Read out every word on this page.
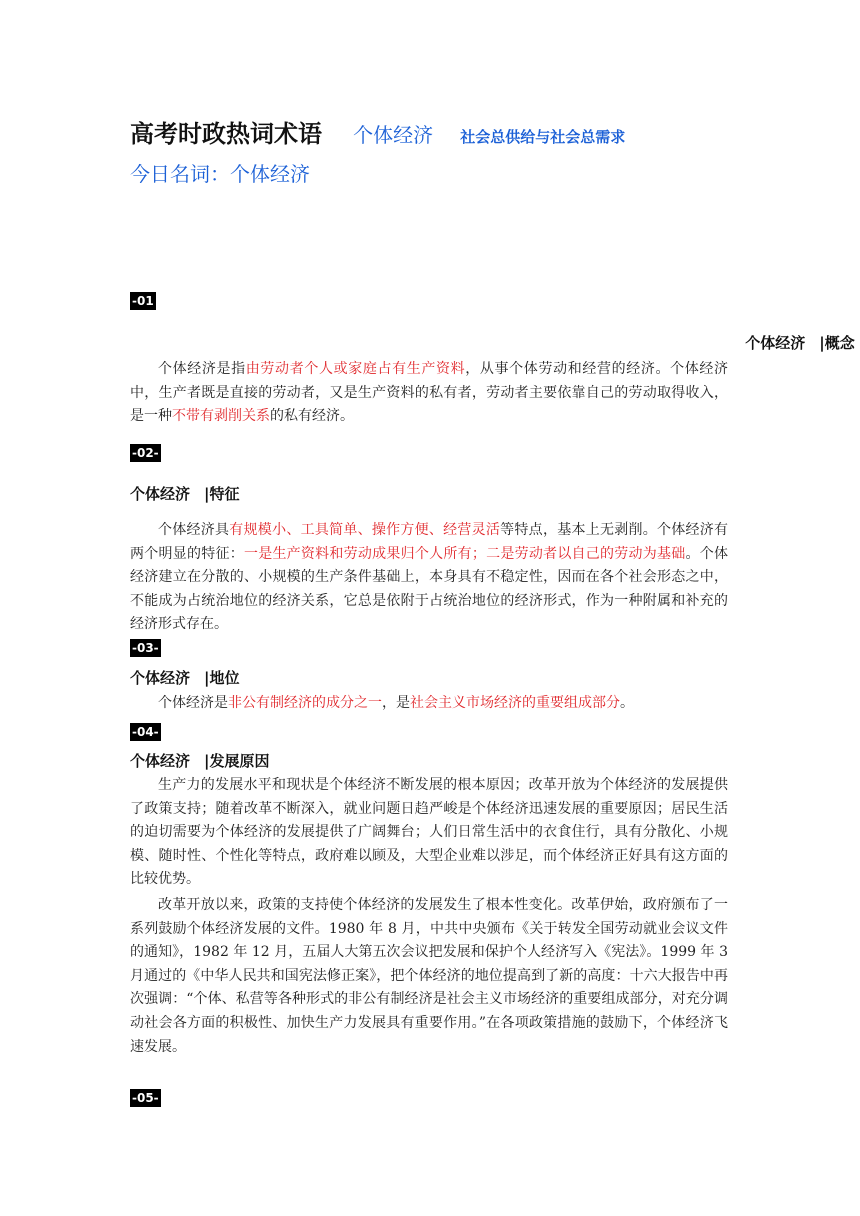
高考时政热词术语 个体经济 社会总供给与社会总需求
今日名词：个体经济
-01
个体经济 |概念

个体经济是指由劳动者个人或家庭占有生产资料，从事个体劳动和经营的经济。个体经济中，生产者既是直接的劳动者，又是生产资料的私有者，劳动者主要依靠自己的劳动取得收入，是一种不带有剥削关系的私有经济。

-02-
个体经济 |特征

个体经济具有规模小、工具简单、操作方便、经营灵活等特点，基本上无剥削。个体经济有两个明显的特征：一是生产资料和劳动成果归个人所有；二是劳动者以自己的劳动为基础。个体经济建立在分散的、小规模的生产条件基础上，本身具有不稳定性，因而在各个社会形态之中，不能成为占统治地位的经济关系，它总是依附于占统治地位的经济形式，作为一种附属和补充的经济形式存在。

-03-
个体经济 |地位

个体经济是非公有制经济的成分之一，是社会主义市场经济的重要组成部分。

-04-
个体经济 |发展原因

生产力的发展水平和现状是个体经济不断发展的根本原因；改革开放为个体经济的发展提供了政策支持；随着改革不断深入，就业问题日趋严峻是个体经济迅速发展的重要原因；居民生活的迫切需要为个体经济的发展提供了广阔舞台；人们日常生活中的衣食住行，具有分散化、小规模、随时性、个性化等特点，政府难以顾及，大型企业难以涉足，而个体经济正好具有这方面的比较优势。

改革开放以来，政策的支持使个体经济的发展发生了根本性变化。改革伊始，政府颁布了一系列鼓励个体经济发展的文件。1980 年 8 月，中共中央颁布《关于转发全国劳动就业会议文件的通知》，1982 年 12 月，五届人大第五次会议把发展和保护个人经济写入《宪法》。1999 年 3 月通过的《中华人民共和国宪法修正案》，把个体经济的地位提高到了新的高度：十六大报告中再次强调：“个体、私营等各种形式的非公有制经济是社会主义市场经济的重要组成部分，对充分调动社会各方面的积极性、加快生产力发展具有重要作用。”在各项政策措施的鼓励下，个体经济飞速发展。

-05-
